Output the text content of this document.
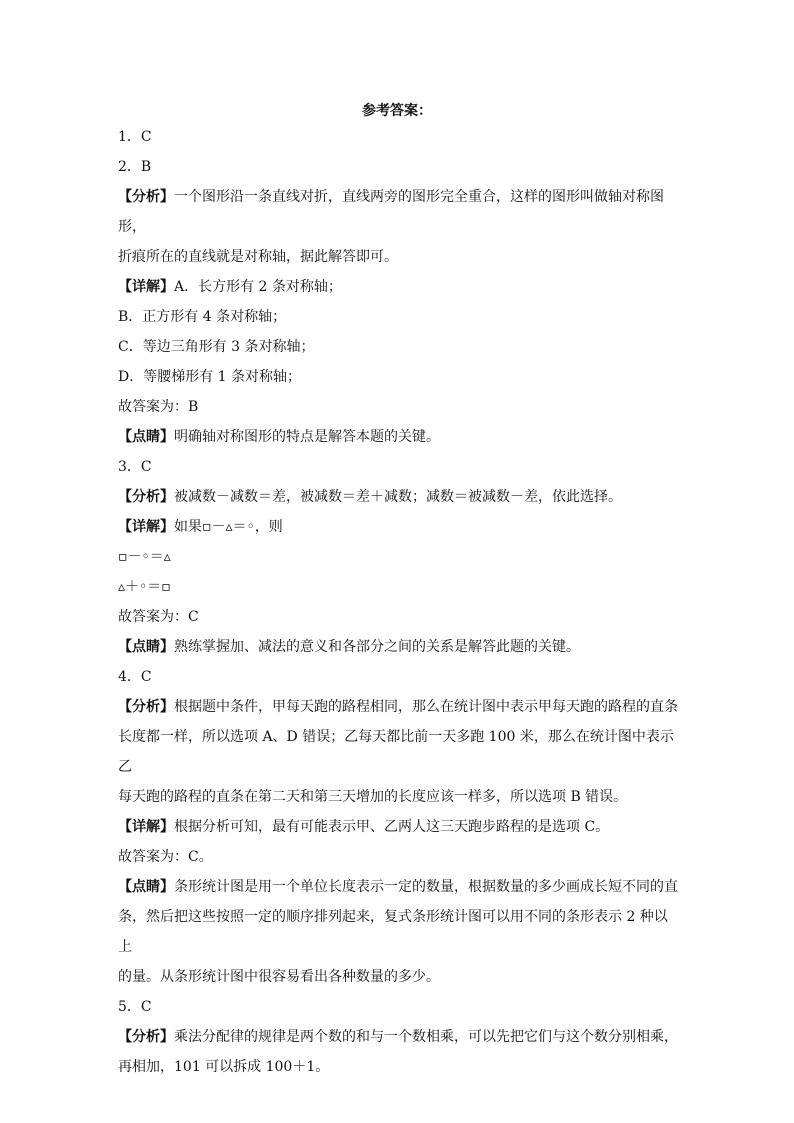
参考答案：

1．C

2．B

【分析】一个图形沿一条直线对折，直线两旁的图形完全重合，这样的图形叫做轴对称图形，

折痕所在的直线就是对称轴，据此解答即可。

【详解】A．长方形有 2 条对称轴；

B．正方形有 4 条对称轴；

C．等边三角形有 3 条对称轴；

D．等腰梯形有 1 条对称轴；

故答案为：B

【点睛】明确轴对称图形的特点是解答本题的关键。

3．C

【分析】被减数－减数＝差，被减数＝差＋减数；减数＝被减数－差，依此选择。

【详解】如果▫－▵＝◦，则

▫－◦＝▵

▵＋◦＝▫

故答案为：C

【点睛】熟练掌握加、减法的意义和各部分之间的关系是解答此题的关键。

4．C

【分析】根据题中条件，甲每天跑的路程相同，那么在统计图中表示甲每天跑的路程的直条

长度都一样，所以选项 A、D 错误；乙每天都比前一天多跑 100 米，那么在统计图中表示乙

每天跑的路程的直条在第二天和第三天增加的长度应该一样多，所以选项 B 错误。

【详解】根据分析可知，最有可能表示甲、乙两人这三天跑步路程的是选项 C。

故答案为：C。

【点睛】条形统计图是用一个单位长度表示一定的数量，根据数量的多少画成长短不同的直

条，然后把这些按照一定的顺序排列起来，复式条形统计图可以用不同的条形表示 2 种以上

的量。从条形统计图中很容易看出各种数量的多少。

5．C

【分析】乘法分配律的规律是两个数的和与一个数相乘，可以先把它们与这个数分别相乘，

再相加，101 可以拆成 100＋1。
